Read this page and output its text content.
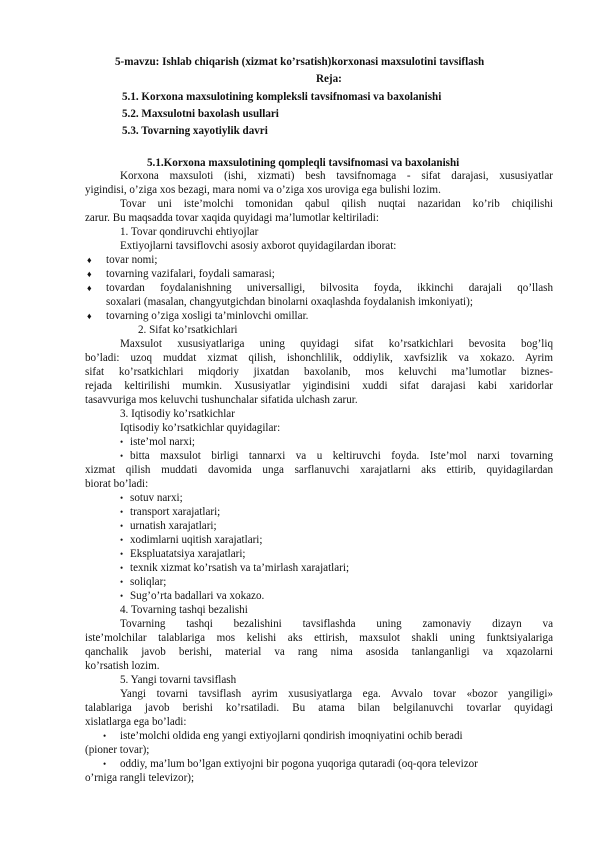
5-mavzu: Ishlab chiqarish (xizmat ko’rsatish)korxonasi maxsulotini tavsiflash
Reja:
5.1. Korxona maxsulotining kompleksli tavsifnomasi va baxolanishi
5.2. Maxsulotni baxolash usullari
5.3. Tovarning xayotiylik davri
5.1.Korxona maxsulotining qompleqli tavsifnomasi va baxolanishi
Korxona maxsuloti (ishi, xizmati) besh tavsifnomaga - sifat darajasi, xususiyatlar
yigindisi, o’ziga xos bezagi, mara nomi va o’ziga xos uroviga ega bulishi lozim.
Tovar uni iste’molchi tomonidan qabul qilish nuqtai nazaridan ko’rib chiqilishi
zarur. Bu maqsadda tovar xaqida quyidagi ma’lumotlar keltiriladi:
1. Tovar qondiruvchi ehtiyojlar
Extiyojlarni tavsiflovchi asosiy axborot quyidagilardan iborat:
♦ tovar nomi;
♦ tovarning vazifalari, foydali samarasi;
♦ tovardan foydalanishning universalligi, bilvosita foyda, ikkinchi darajali qo’llash
soxalari (masalan, changyutgichdan binolarni oxaqlashda foydalanish imkoniyati);
♦ tovarning o’ziga xosligi ta’minlovchi omillar.
2. Sifat ko’rsatkichlari
Maxsulot xususiyatlariga uning quyidagi sifat ko’rsatkichlari bevosita bog’liq
bo’ladi: uzoq muddat xizmat qilish, ishonchlilik, oddiylik, xavfsizlik va xokazo. Ayrim
sifat ko’rsatkichlari miqdoriy jixatdan baxolanib, mos keluvchi ma’lumotlar biznes-
rejada keltirilishi mumkin. Xususiyatlar yigindisini xuddi sifat darajasi kabi xaridorlar
tasavvuriga mos keluvchi tushunchalar sifatida ulchash zarur.
3. Iqtisodiy ko’rsatkichlar
Iqtisodiy ko’rsatkichlar quyidagilar:
• iste’mol narxi;
• bitta maxsulot birligi tannarxi va u keltiruvchi foyda. Iste’mol narxi tovarning
xizmat qilish muddati davomida unga sarflanuvchi xarajatlarni aks ettirib, quyidagilardan
biorat bo’ladi:
• sotuv narxi;
• transport xarajatlari;
• urnatish xarajatlari;
• xodimlarni uqitish xarajatlari;
• Ekspluatatsiya xarajatlari;
• texnik xizmat ko’rsatish va ta’mirlash xarajatlari;
• soliqlar;
• Sug’o’rta badallari va xokazo.
4. Tovarning tashqi bezalishi
Tovarning tashqi bezalishini tavsiflashda uning zamonaviy dizayn va
iste’molchilar talablariga mos kelishi aks ettirish, maxsulot shakli uning funktsiyalariga
qanchalik javob berishi, material va rang nima asosida tanlanganligi va xqazolarni
ko’rsatish lozim.
5. Yangi tovarni tavsiflash
Yangi tovarni tavsiflash ayrim xususiyatlarga ega. Avvalo tovar «bozor yangiligi»
talablariga javob berishi ko’rsatiladi. Bu atama bilan belgilanuvchi tovarlar quyidagi
xislatlarga ega bo’ladi:
• iste’molchi oldida eng yangi extiyojlarni qondirish imoqniyatini ochib beradi
(pioner tovar);
• oddiy, ma’lum bo’lgan extiyojni bir pogona yuqoriga qutaradi (oq-qora televizor
o’rniga rangli televizor);
